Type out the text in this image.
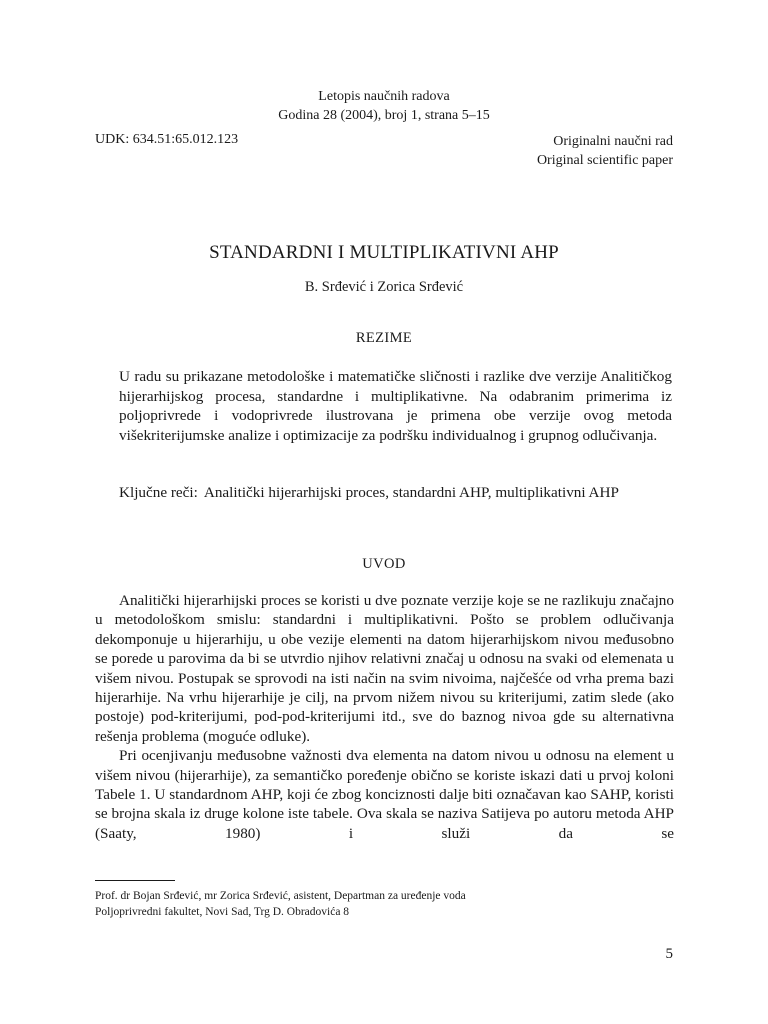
Letopis naučnih radova
Godina 28 (2004), broj 1, strana 5–15
UDK: 634.51:65.012.123	Originalni naučni rad
Original scientific paper
STANDARDNI I MULTIPLIKATIVNI AHP
B. Srđević i Zorica Srđević
REZIME
U radu su prikazane metodološke i matematičke sličnosti i razlike dve verzije Analitičkog hijerarhijskog procesa, standardne i multiplikativne. Na odabranim primerima iz poljoprivrede i vodoprivrede ilustrovana je primena obe verzije ovog metoda višekriterijumske analize i optimizacije za podršku individualnog i grupnog odlučivanja.
Ključne reči: Analitički hijerarhijski proces, standardni AHP, multiplikativni AHP
UVOD

Analitički hijerarhijski proces se koristi u dve poznate verzije koje se ne razlikuju značajno u metodološkom smislu: standardni i multiplikativni. Pošto se problem odlučivanja dekomponuje u hijerarhiju, u obe vezije elementi na datom hijerarhijskom nivou međusobno se porede u parovima da bi se utvrdio njihov relativni značaj u odnosu na svaki od elemenata u višem nivou. Postupak se sprovodi na isti način na svim nivoima, najčešće od vrha prema bazi hijerarhije. Na vrhu hijerarhije je cilj, na prvom nižem nivou su kriterijumi, zatim slede (ako postoje) pod-kriterijumi, pod-pod-kriterijumi itd., sve do baznog nivoa gde su alternativna rešenja problema (moguće odluke).

Pri ocenjivanju međusobne važnosti dva elementa na datom nivou u odnosu na element u višem nivou (hijerarhije), za semantičko poređenje obično se koriste iskazi dati u prvoj koloni Tabele 1. U standardnom AHP, koji će zbog konciznosti dalje biti označavan kao SAHP, koristi se brojna skala iz druge kolone iste tabele. Ova skala se naziva Satijeva po autoru metoda AHP (Saaty, 1980) i služi da se

Prof. dr Bojan Srđević, mr Zorica Srđević, asistent, Departman za uređenje voda
Poljoprivredni fakultet, Novi Sad, Trg D. Obradovića 8
5
